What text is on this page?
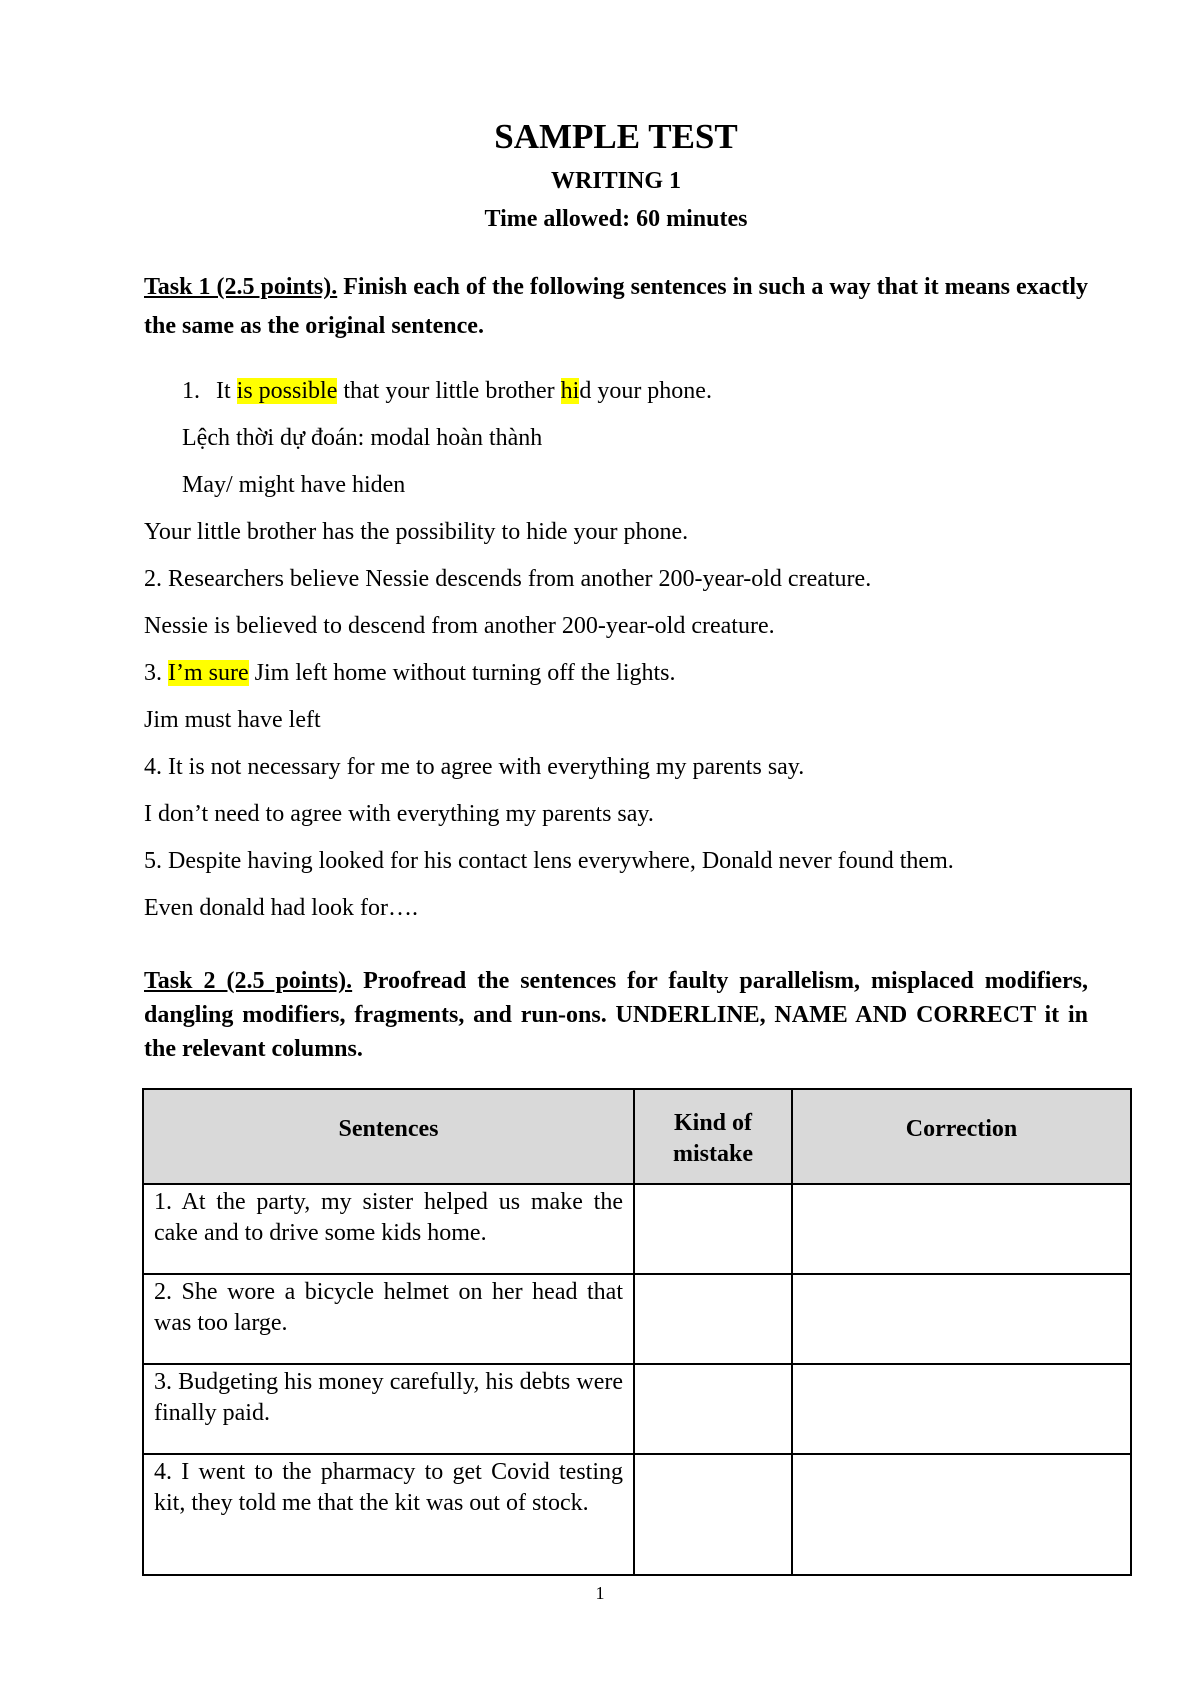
SAMPLE TEST

WRITING 1

Time allowed: 60 minutes

Task 1 (2.5 points). Finish each of the following sentences in such a way that it means exactly the same as the original sentence.

1. It is possible that your little brother hid your phone.

Lệch thời dự đoán: modal hoàn thành

May/ might have hiden

Your little brother has the possibility to hide your phone.

2. Researchers believe Nessie descends from another 200-year-old creature.

Nessie is believed to descend from another 200-year-old creature.

3. I’m sure Jim left home without turning off the lights.

Jim must have left

4. It is not necessary for me to agree with everything my parents say.

I don’t need to agree with everything my parents say.

5. Despite having looked for his contact lens everywhere, Donald never found them.

Even donald had look for….

Task 2 (2.5 points). Proofread the sentences for faulty parallelism, misplaced modifiers, dangling modifiers, fragments, and run-ons. UNDERLINE, NAME AND CORRECT it in the relevant columns.

Sentences	Kind of mistake	Correction
1. At the party, my sister helped us make the cake and to drive some kids home.		
2. She wore a bicycle helmet on her head that was too large.		
3. Budgeting his money carefully, his debts were finally paid.		
4. I went to the pharmacy to get Covid testing kit, they told me that the kit was out of stock.		
1
